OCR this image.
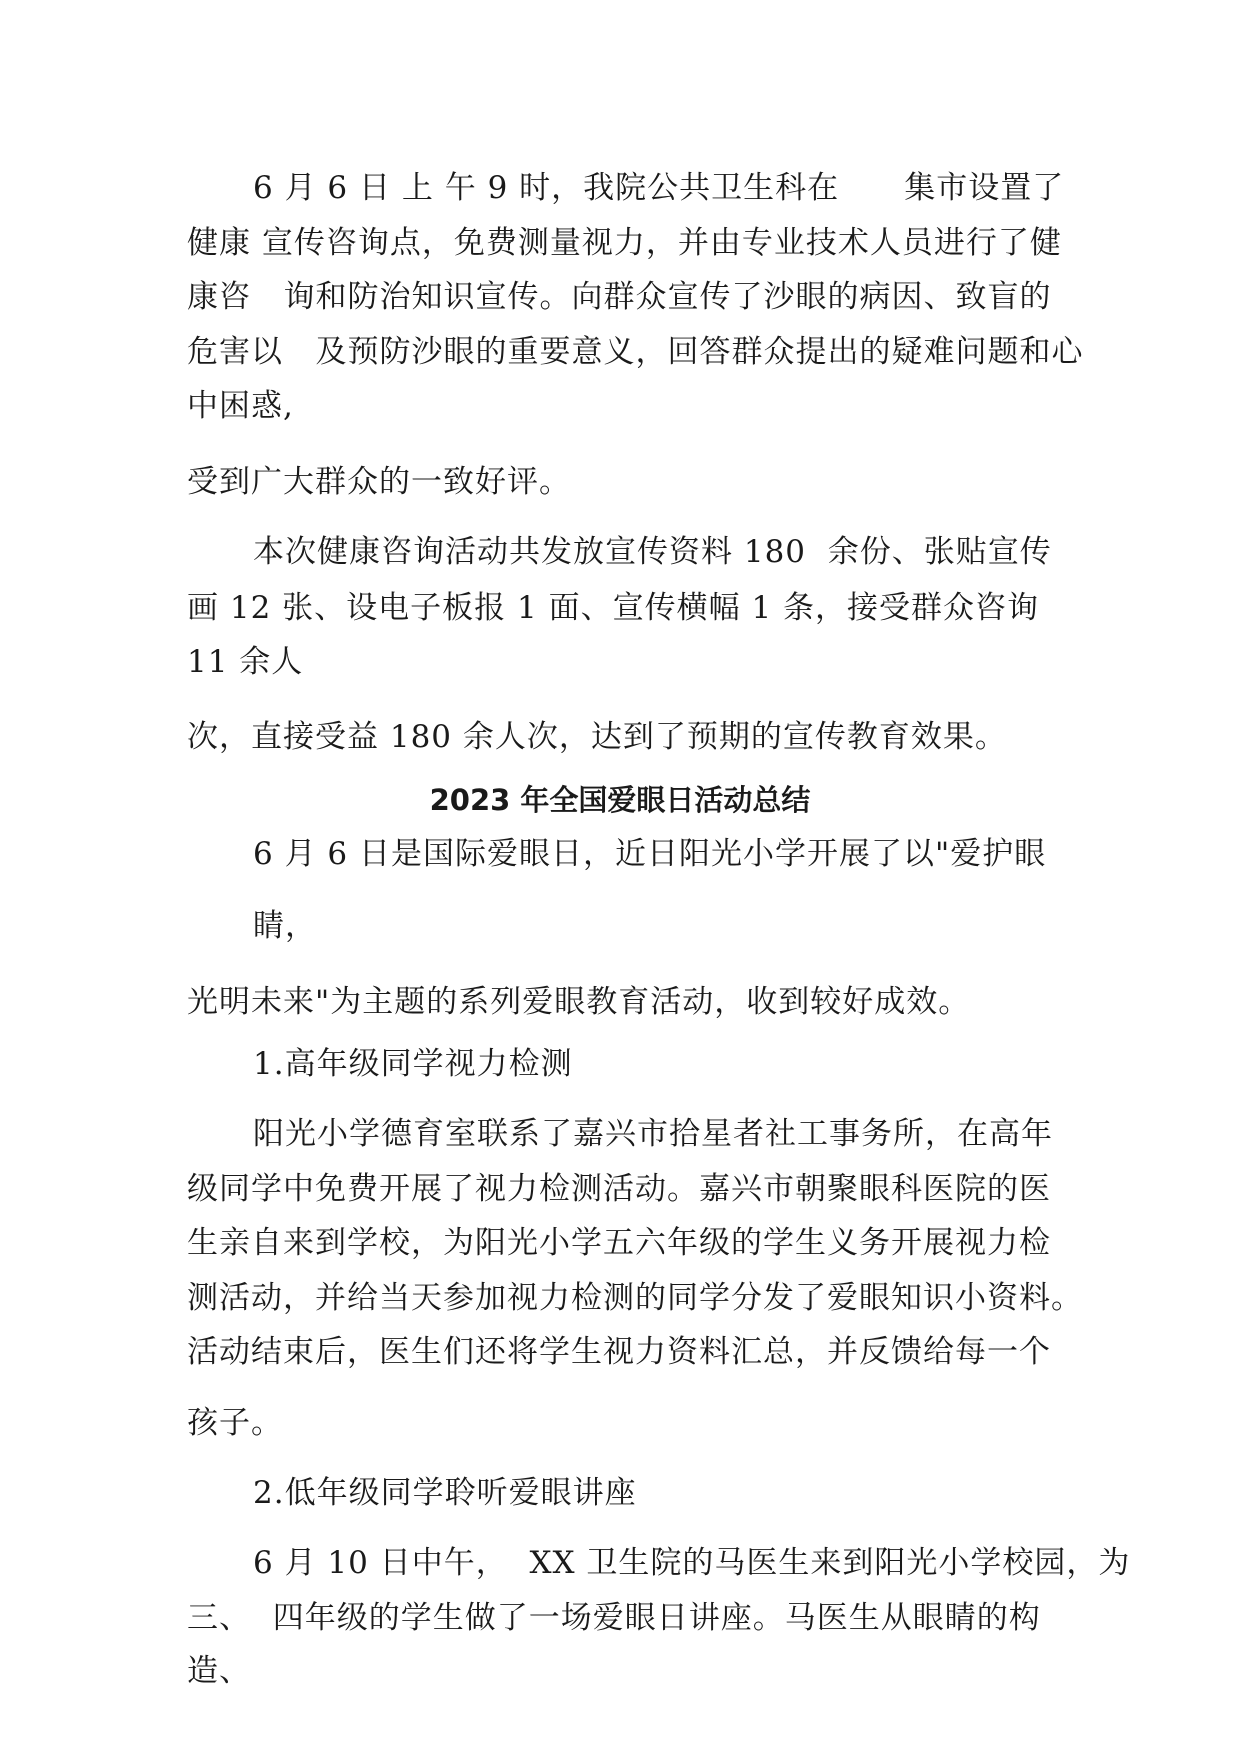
6 月 6 日 上 午 9 时，我院公共卫生科在      集市设置了
健康 宣传咨询点，免费测量视力，并由专业技术人员进行了健
康咨   询和防治知识宣传。向群众宣传了沙眼的病因、致盲的
危害以   及预防沙眼的重要意义，回答群众提出的疑难问题和心
中困惑,
受到广大群众的一致好评。
本次健康咨询活动共发放宣传资料 180  余份、张贴宣传
画 12 张、设电子板报 1 面、宣传横幅 1 条，接受群众咨询
11 余人
次，直接受益 180 余人次，达到了预期的宣传教育效果。
2023 年全国爱眼日活动总结
6 月 6 日是国际爱眼日，近日阳光小学开展了以"爱护眼
睛，
光明未来"为主题的系列爱眼教育活动，收到较好成效。
1.高年级同学视力检测
阳光小学德育室联系了嘉兴市拾星者社工事务所，在高年
级同学中免费开展了视力检测活动。嘉兴市朝聚眼科医院的医
生亲自来到学校，为阳光小学五六年级的学生义务开展视力检
测活动，并给当天参加视力检测的同学分发了爱眼知识小资料。
活动结束后，医生们还将学生视力资料汇总，并反馈给每一个
孩子。
2.低年级同学聆听爱眼讲座
6 月 10 日中午，  XX 卫生院的马医生来到阳光小学校园，为
三、  四年级的学生做了一场爱眼日讲座。马医生从眼睛的构
造、
